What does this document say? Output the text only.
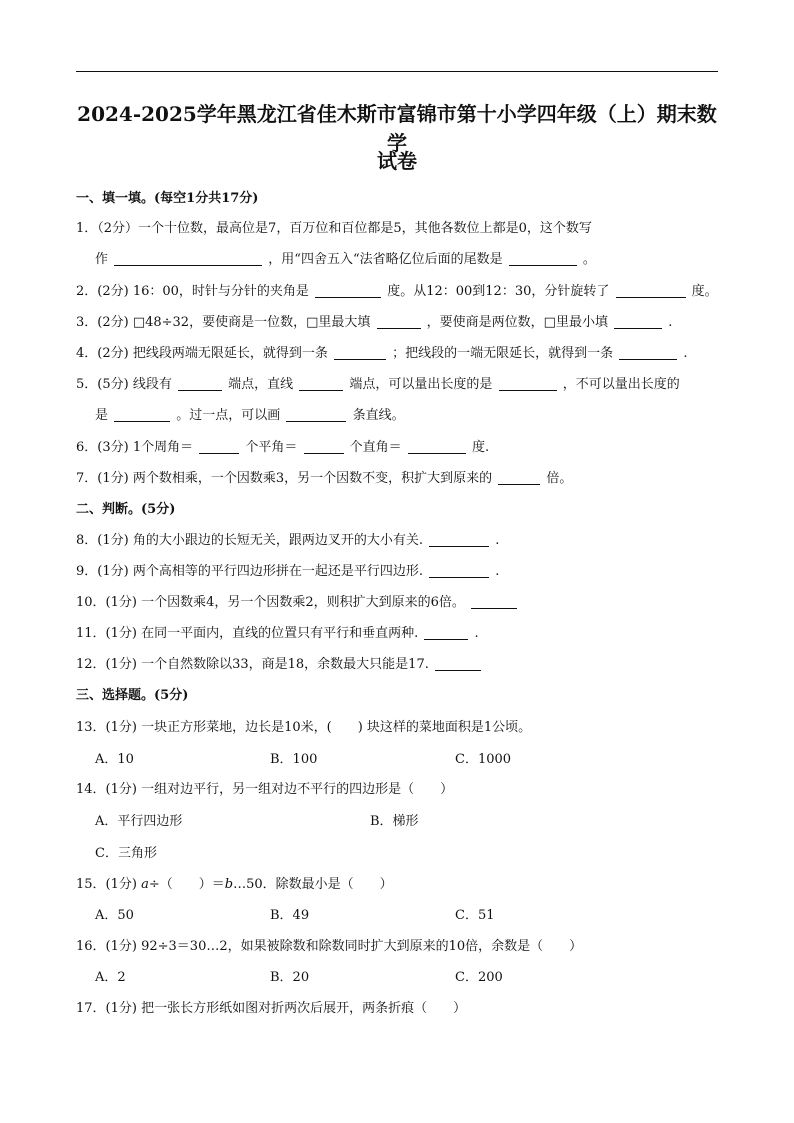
2024-2025学年黑龙江省佳木斯市富锦市第十小学四年级（上）期末数学
试卷
一、填一填。(每空1分共17分)
1．（2分）一个十位数，最高位是7，百万位和百位都是5，其他各数位上都是0，这个数写
作	，用“四舍五入“法省略亿位后面的尾数是	。
2．(2分) 16：00，时针与分针的夹角是	度。从12：00到12：30，分针旋转了	度。
3．(2分) □48÷32，要使商是一位数，□里最大填	，要使商是两位数，□里最小填	.
4．(2分) 把线段两端无限延长，就得到一条	；把线段的一端无限延长，就得到一条	.
5．(5分) 线段有	端点，直线	端点，可以量出长度的是	，不可以量出长度的
是	。过一点，可以画	条直线。
6．(3分) 1个周角＝	个平角＝	个直角＝	度.
7．(1分) 两个数相乘，一个因数乘3，另一个因数不变，积扩大到原来的	倍。
二、判断。(5分)
8．(1分) 角的大小跟边的长短无关，跟两边叉开的大小有关.	.
9．(1分) 两个高相等的平行四边形拼在一起还是平行四边形.	.
10．(1分) 一个因数乘4，另一个因数乘2，则积扩大到原来的6倍。
11．(1分) 在同一平面内，直线的位置只有平行和垂直两种.	.
12．(1分) 一个自然数除以33，商是18，余数最大只能是17.
三、选择题。(5分)
13．(1分) 一块正方形菜地，边长是10米，(　　) 块这样的菜地面积是1公顷。
A．10	B．100	C．1000
14．(1分) 一组对边平行，另一组对边不平行的四边形是（　　）
A．平行四边形	B．梯形
C．三角形
15．(1分) a÷（　　）＝b…50．除数最小是（　　）
A．50	B．49	C．51
16．(1分) 92÷3＝30…2，如果被除数和除数同时扩大到原来的10倍，余数是（　　）
A．2	B．20	C．200
17．(1分) 把一张长方形纸如图对折两次后展开，两条折痕（　　）
